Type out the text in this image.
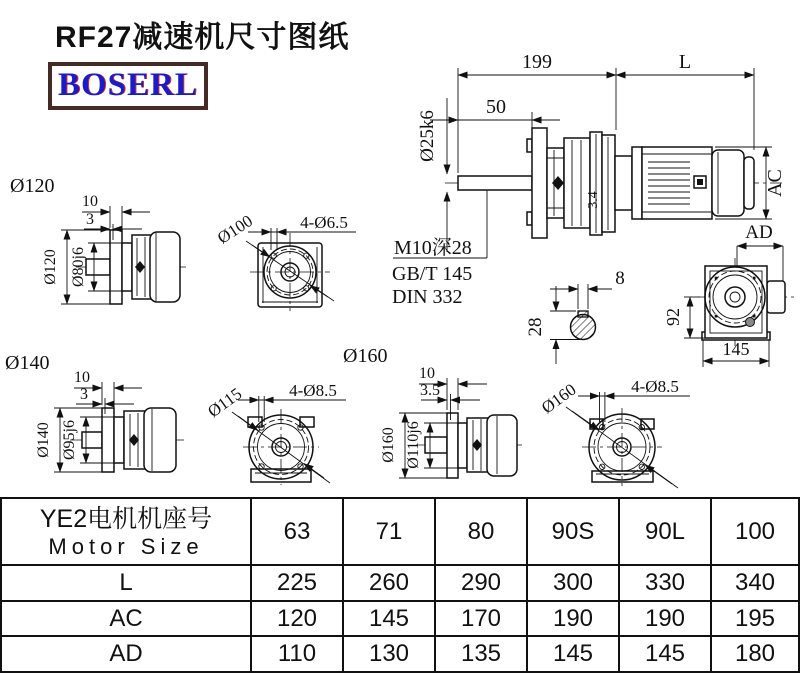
RF27减速机尺寸图纸
BOSERL
199	L
50
Ø25k6
M10深28
GB/T 145
DIN 332
3.4
AC
AD
8
28
92
145
Ø120
Ø120 Ø80j6
10
3	Ø100	4-Ø6.5
Ø140
Ø140 Ø95j6
10
3	Ø115	4-Ø8.5
Ø160
Ø160 Ø110j6
10
3.5	Ø160	4-Ø8.5
YE2电机机座号
Motor Size	63	71	80	90S	90L	100
L	225	260	290	300	330	340
AC	120	145	170	190	190	195
AD	110	130	135	145	145	180
